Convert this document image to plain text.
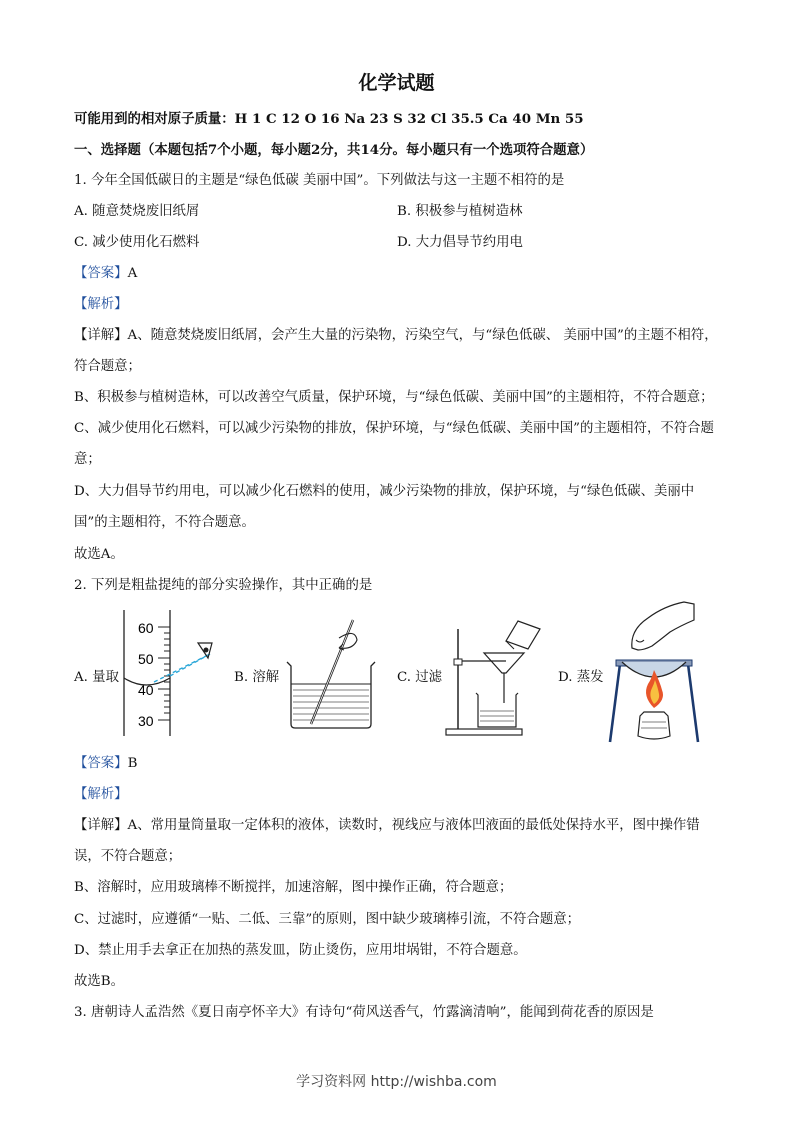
化学试题
可能用到的相对原子质量：H 1 C 12 O 16 Na 23 S 32 Cl 35.5 Ca 40 Mn 55
一、选择题（本题包括7个小题，每小题2分，共14分。每小题只有一个选项符合题意）
1. 今年全国低碳日的主题是“绿色低碳 美丽中国”。下列做法与这一主题不相符的是
A. 随意焚烧废旧纸屑	B. 积极参与植树造林
C. 减少使用化石燃料	D. 大力倡导节约用电
【答案】A
【解析】
【详解】A、随意焚烧废旧纸屑，会产生大量的污染物，污染空气，与“绿色低碳、 美丽中国”的主题不相符，符合题意；
B、积极参与植树造林，可以改善空气质量，保护环境，与“绿色低碳、美丽中国”的主题相符，不符合题意；
C、减少使用化石燃料，可以减少污染物的排放，保护环境，与“绿色低碳、美丽中国”的主题相符，不符合题意；
D、大力倡导节约用电，可以减少化石燃料的使用，减少污染物的排放，保护环境，与“绿色低碳、美丽中国”的主题相符，不符合题意。
故选A。
2. 下列是粗盐提纯的部分实验操作，其中正确的是
A. 量取	B. 溶解	C. 过滤	D. 蒸发
60
50
40
30
【答案】B
【解析】
【详解】A、常用量筒量取一定体积的液体，读数时，视线应与液体凹液面的最低处保持水平，图中操作错误，不符合题意；
B、溶解时，应用玻璃棒不断搅拌，加速溶解，图中操作正确，符合题意；
C、过滤时，应遵循“一贴、二低、三靠”的原则，图中缺少玻璃棒引流，不符合题意；
D、禁止用手去拿正在加热的蒸发皿，防止烫伤，应用坩埚钳，不符合题意。
故选B。
3. 唐朝诗人孟浩然《夏日南亭怀辛大》有诗句“荷风送香气，竹露滴清响”，能闻到荷花香的原因是
学习资料网 http://wishba.com
